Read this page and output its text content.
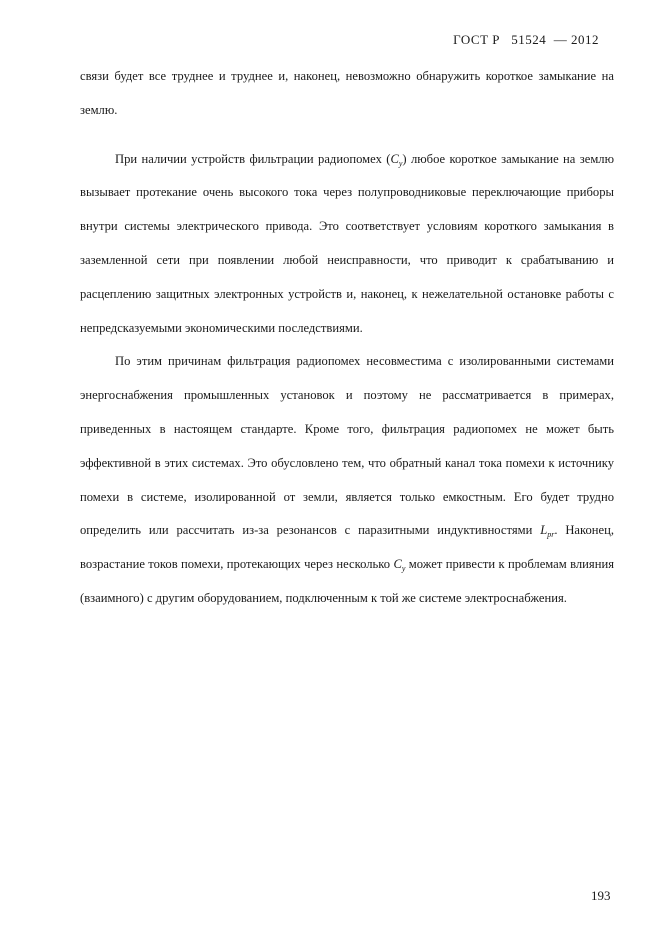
ГОСТ Р   51524  — 2012

связи будет все труднее и труднее и, наконец, невозможно обнаружить короткое замыкание на землю.

При наличии устройств фильтрации радиопомех $(C_y)$ любое короткое замыкание на землю вызывает протекание очень высокого тока через полупроводниковые переключающие приборы внутри системы электрического привода. Это соответствует условиям короткого замыкания в заземленной сети при появлении любой неисправности, что приводит к срабатыванию и расцеплению защитных электронных устройств и, наконец, к нежелательной остановке работы с непредсказуемыми экономическими последствиями.

По этим причинам фильтрация радиопомех несовместима с изолированными системами энергоснабжения промышленных установок и поэтому не рассматривается в примерах, приведенных в настоящем стандарте. Кроме того, фильтрация радиопомех не может быть эффективной в этих системах. Это обусловлено тем, что обратный канал тока помехи к источнику помехи в системе, изолированной от земли, является только емкостным. Его будет трудно определить или рассчитать из-за резонансов с паразитными индуктивностями $L_{pr}$. Наконец, возрастание токов помехи, протекающих через несколько $C_y$ может привести к проблемам влияния (взаимного) с другим оборудованием, подключенным к той же системе электроснабжения.

193
